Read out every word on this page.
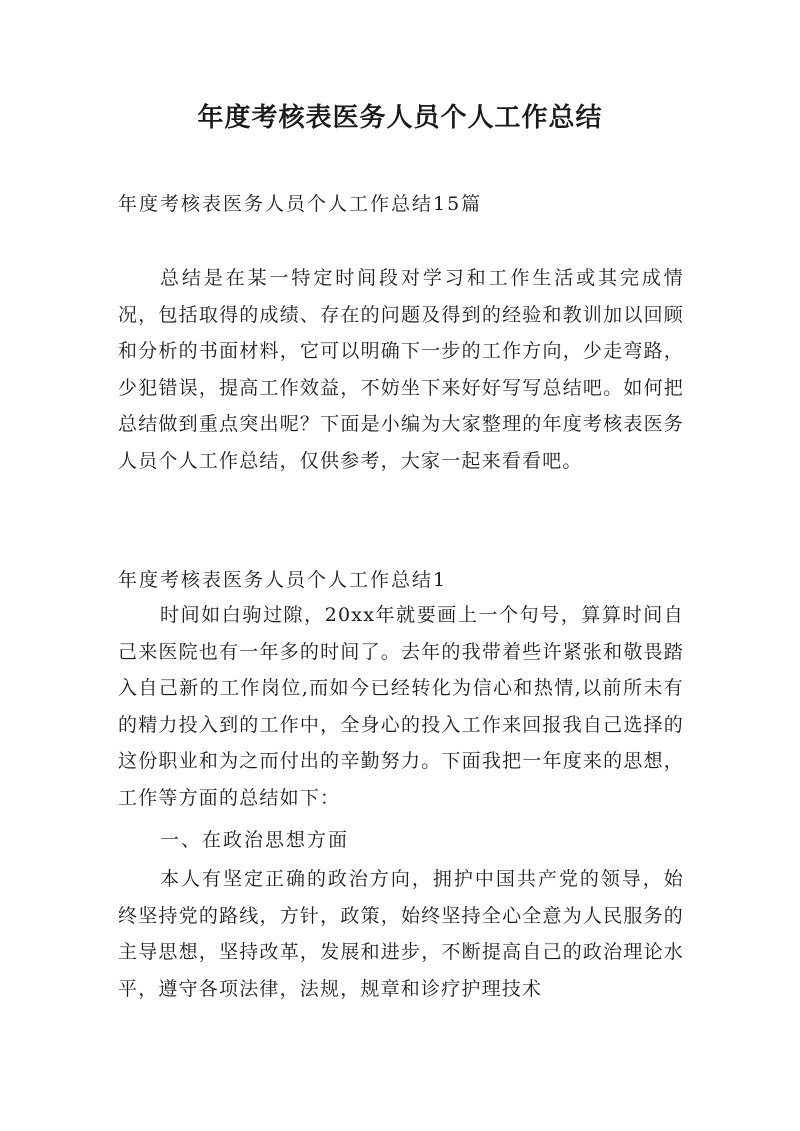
年度考核表医务人员个人工作总结

年度考核表医务人员个人工作总结15篇

总结是在某一特定时间段对学习和工作生活或其完成情况，包括取得的成绩、存在的问题及得到的经验和教训加以回顾和分析的书面材料，它可以明确下一步的工作方向，少走弯路，少犯错误，提高工作效益，不妨坐下来好好写写总结吧。如何把总结做到重点突出呢？下面是小编为大家整理的年度考核表医务人员个人工作总结，仅供参考，大家一起来看看吧。

年度考核表医务人员个人工作总结1

时间如白驹过隙，20xx年就要画上一个句号，算算时间自己来医院也有一年多的时间了。去年的我带着些许紧张和敬畏踏入自己新的工作岗位,而如今已经转化为信心和热情,以前所未有的精力投入到的工作中，全身心的投入工作来回报我自己选择的这份职业和为之而付出的辛勤努力。下面我把一年度来的思想，工作等方面的总结如下：

一、在政治思想方面

本人有坚定正确的政治方向，拥护中国共产党的领导，始终坚持党的路线，方针，政策，始终坚持全心全意为人民服务的主导思想，坚持改革，发展和进步，不断提高自己的政治理论水平，遵守各项法律，法规，规章和诊疗护理技术
